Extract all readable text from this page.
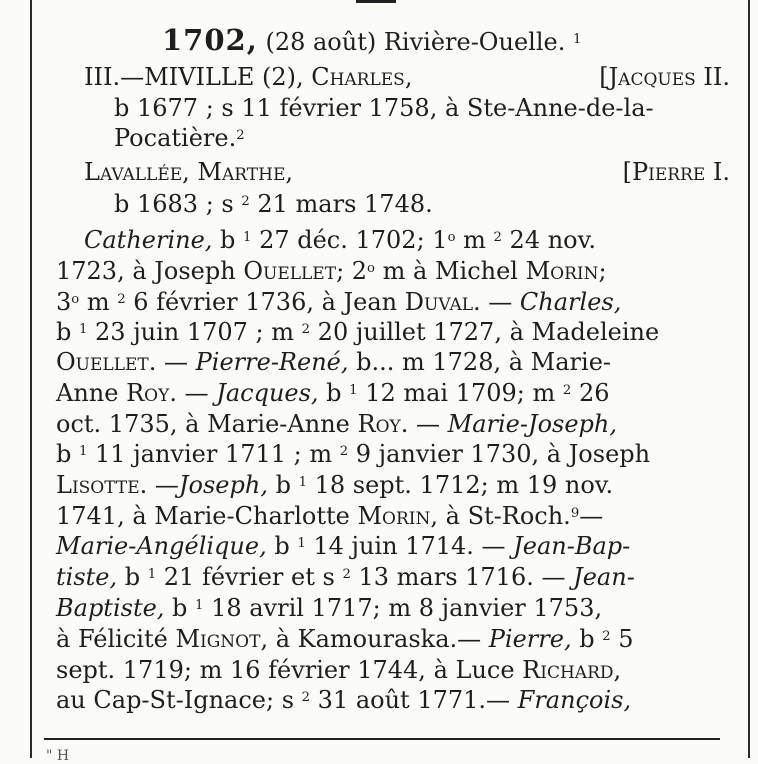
1702, (28 août) Rivière-Ouelle. $^1$
III.—MIVILLE (2), Charles,	[Jacques II.
b 1677 ; s 11 février 1758, à Ste-Anne-de-la-
Pocatière.$^2$
Lavallée, Marthe,	[Pierre I.
b 1683 ; s $^2$ 21 mars 1748.
Catherine, b $^1$ 27 déc. 1702; 1$^o$ m $^2$ 24 nov.
1723, à Joseph Ouellet; 2$^o$ m à Michel Morin;
3$^o$ m $^2$ 6 février 1736, à Jean Duval. — Charles,
b $^1$ 23 juin 1707 ; m $^2$ 20 juillet 1727, à Madeleine
Ouellet. — Pierre-René, b... m 1728, à Marie-
Anne Roy. — Jacques, b $^1$ 12 mai 1709; m $^2$ 26
oct. 1735, à Marie-Anne Roy. — Marie-Joseph,
b $^1$ 11 janvier 1711 ; m $^2$ 9 janvier 1730, à Joseph
Lisotte. —Joseph, b $^1$ 18 sept. 1712; m 19 nov.
1741, à Marie-Charlotte Morin, à St-Roch.$^9$—
Marie-Angélique, b $^1$ 14 juin 1714. — Jean-Bap-
tiste, b $^1$ 21 février et s $^2$ 13 mars 1716. — Jean-
Baptiste, b $^1$ 18 avril 1717; m 8 janvier 1753,
à Félicité Mignot, à Kamouraska.— Pierre, b $^2$ 5
sept. 1719; m 16 février 1744, à Luce Richard,
au Cap-St-Ignace; s $^2$ 31 août 1771.— François,
" H
